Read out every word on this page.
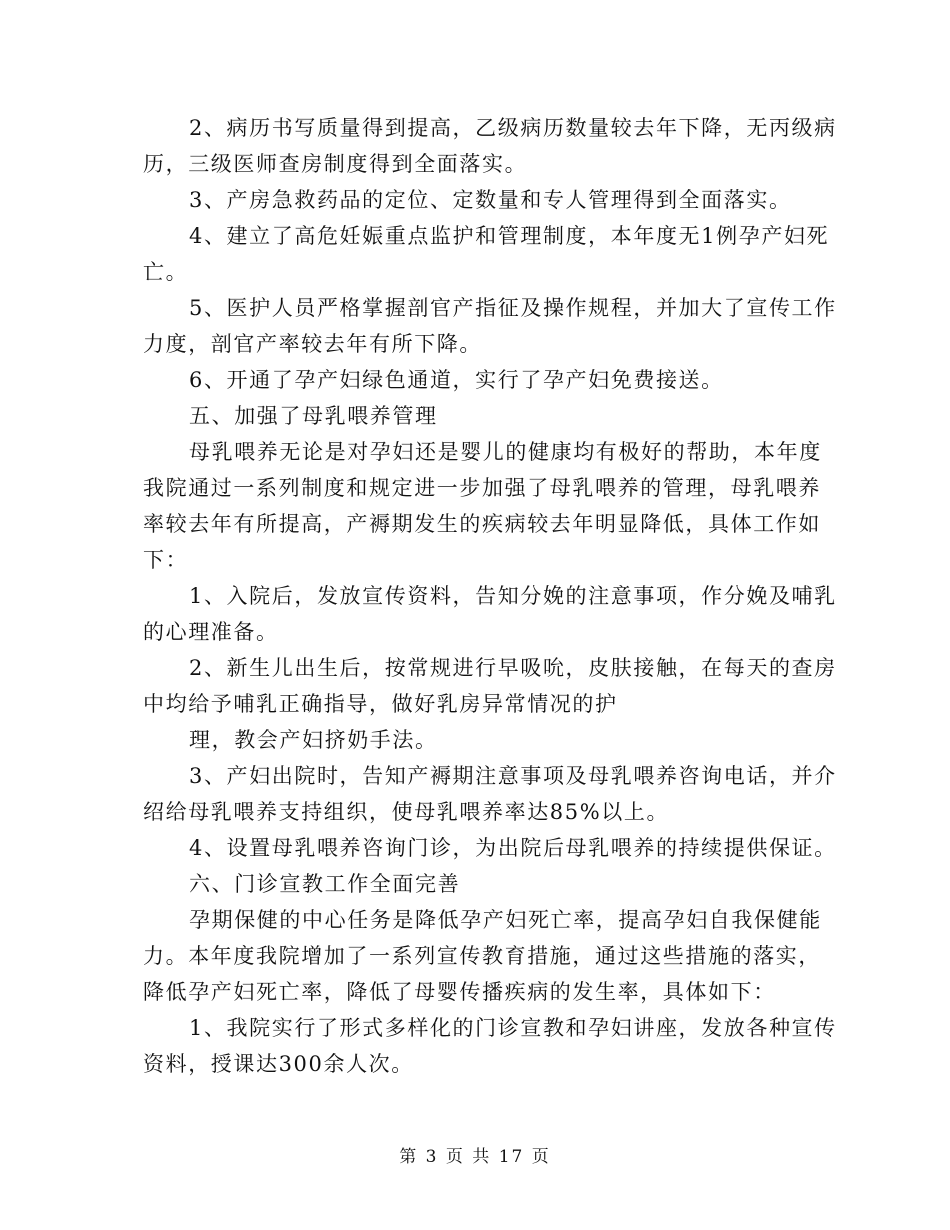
2、病历书写质量得到提高，乙级病历数量较去年下降，无丙级病
历，三级医师查房制度得到全面落实。
3、产房急救药品的定位、定数量和专人管理得到全面落实。
4、建立了高危妊娠重点监护和管理制度，本年度无1例孕产妇死
亡。
5、医护人员严格掌握剖官产指征及操作规程，并加大了宣传工作
力度，剖官产率较去年有所下降。
6、开通了孕产妇绿色通道，实行了孕产妇免费接送。
五、加强了母乳喂养管理
母乳喂养无论是对孕妇还是婴儿的健康均有极好的帮助，本年度
我院通过一系列制度和规定进一步加强了母乳喂养的管理，母乳喂养
率较去年有所提高，产褥期发生的疾病较去年明显降低，具体工作如
下：
1、入院后，发放宣传资料，告知分娩的注意事项，作分娩及哺乳
的心理准备。
2、新生儿出生后，按常规进行早吸吮，皮肤接触，在每天的查房
中均给予哺乳正确指导，做好乳房异常情况的护
理，教会产妇挤奶手法。
3、产妇出院时，告知产褥期注意事项及母乳喂养咨询电话，并介
绍给母乳喂养支持组织，使母乳喂养率达85%以上。
4、设置母乳喂养咨询门诊，为出院后母乳喂养的持续提供保证。
六、门诊宣教工作全面完善
孕期保健的中心任务是降低孕产妇死亡率，提高孕妇自我保健能
力。本年度我院增加了一系列宣传教育措施，通过这些措施的落实，
降低孕产妇死亡率，降低了母婴传播疾病的发生率，具体如下：
1、我院实行了形式多样化的门诊宣教和孕妇讲座，发放各种宣传
资料，授课达300余人次。
第 3 页 共 17 页
